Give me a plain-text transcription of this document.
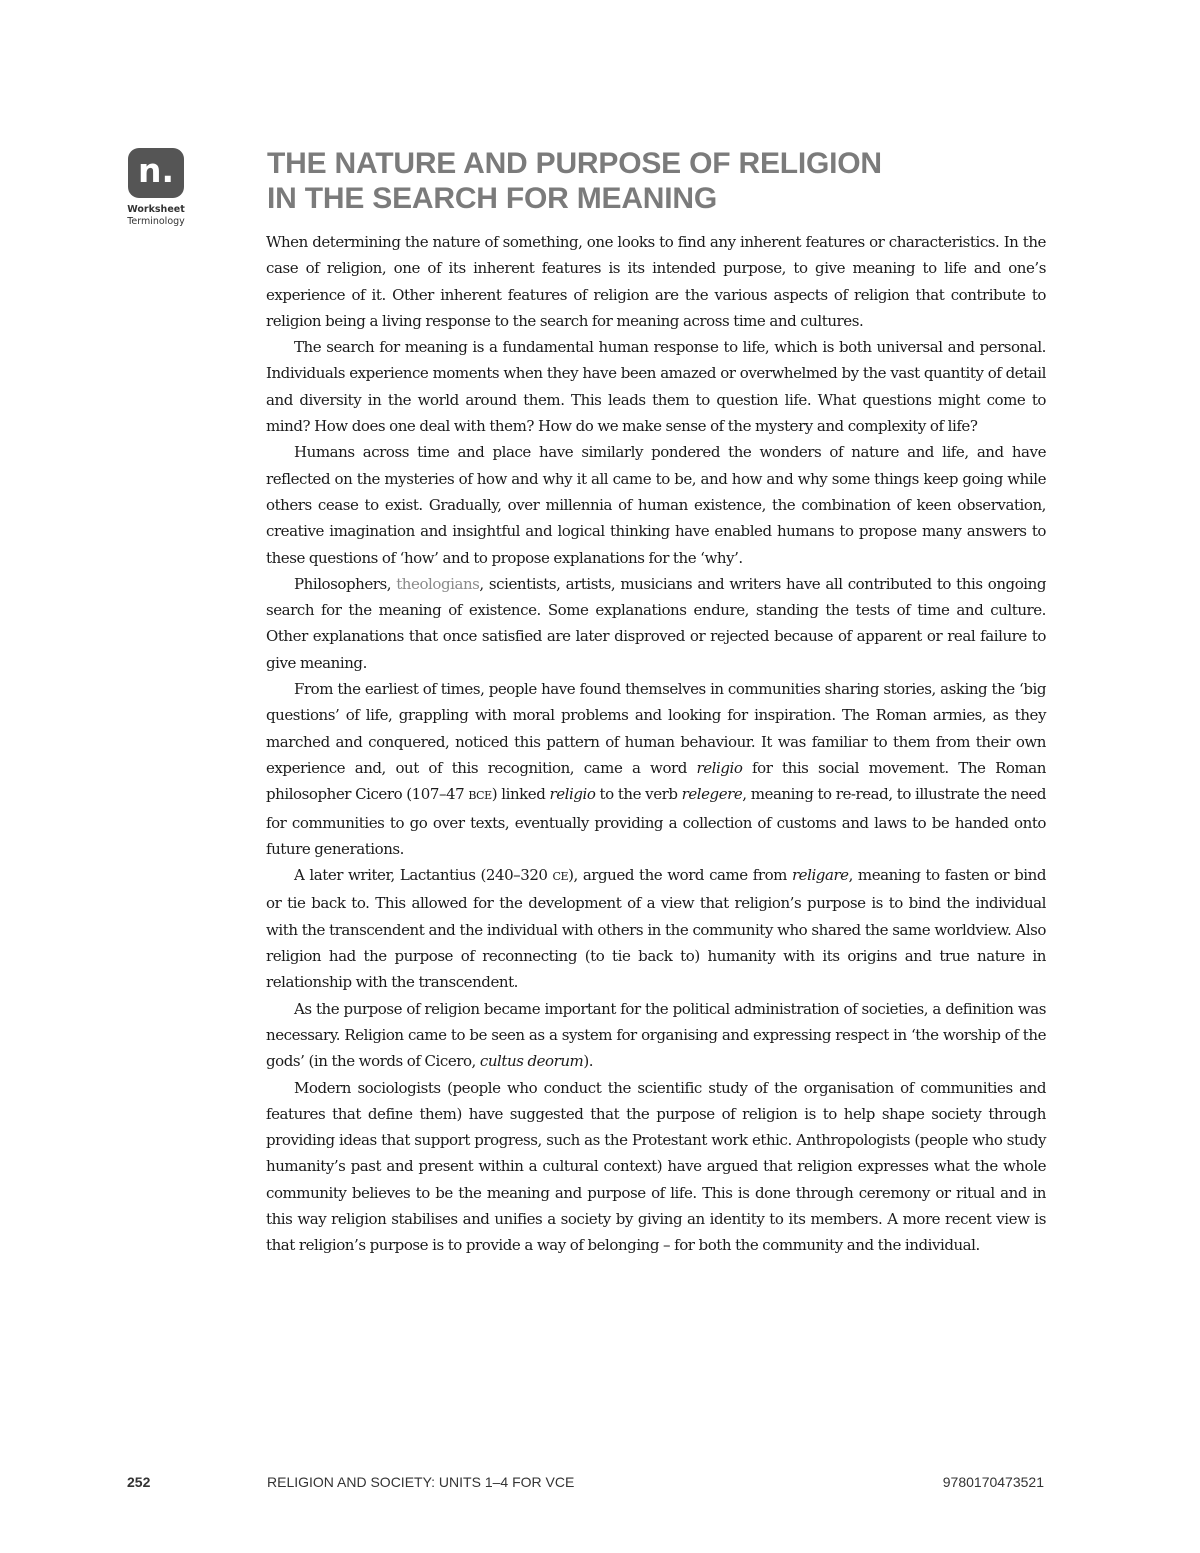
n.
Worksheet
Terminology
THE NATURE AND PURPOSE OF RELIGION
IN THE SEARCH FOR MEANING

When determining the nature of something, one looks to find any inherent features or characteristics. In the case of religion, one of its inherent features is its intended purpose, to give meaning to life and one’s experience of it. Other inherent features of religion are the various aspects of religion that contribute to religion being a living response to the search for meaning across time and cultures.

The search for meaning is a fundamental human response to life, which is both universal and personal. Individuals experience moments when they have been amazed or overwhelmed by the vast quantity of detail and diversity in the world around them. This leads them to question life. What questions might come to mind? How does one deal with them? How do we make sense of the mystery and complexity of life?

Humans across time and place have similarly pondered the wonders of nature and life, and have reflected on the mysteries of how and why it all came to be, and how and why some things keep going while others cease to exist. Gradually, over millennia of human existence, the combination of keen observation, creative imagination and insightful and logical thinking have enabled humans to propose many answers to these questions of ‘how’ and to propose explanations for the ‘why’.

Philosophers, theologians, scientists, artists, musicians and writers have all contributed to this ongoing search for the meaning of existence. Some explanations endure, standing the tests of time and culture. Other explanations that once satisfied are later disproved or rejected because of apparent or real failure to give meaning.

From the earliest of times, people have found themselves in communities sharing stories, asking the ‘big questions’ of life, grappling with moral problems and looking for inspiration. The Roman armies, as they marched and conquered, noticed this pattern of human behaviour. It was familiar to them from their own experience and, out of this recognition, came a word religio for this social movement. The Roman philosopher Cicero (107–47 BCE) linked religio to the verb relegere, meaning to re-read, to illustrate the need for communities to go over texts, eventually providing a collection of customs and laws to be handed onto future generations.

A later writer, Lactantius (240–320 CE), argued the word came from religare, meaning to fasten or bind or tie back to. This allowed for the development of a view that religion’s purpose is to bind the individual with the transcendent and the individual with others in the community who shared the same worldview. Also religion had the purpose of reconnecting (to tie back to) humanity with its origins and true nature in relationship with the transcendent.

As the purpose of religion became important for the political administration of societies, a definition was necessary. Religion came to be seen as a system for organising and expressing respect in ‘the worship of the gods’ (in the words of Cicero, cultus deorum).

Modern sociologists (people who conduct the scientific study of the organisation of communities and features that define them) have suggested that the purpose of religion is to help shape society through providing ideas that support progress, such as the Protestant work ethic. Anthropologists (people who study humanity’s past and present within a cultural context) have argued that religion expresses what the whole community believes to be the meaning and purpose of life. This is done through ceremony or ritual and in this way religion stabilises and unifies a society by giving an identity to its members. A more recent view is that religion’s purpose is to provide a way of belonging – for both the community and the individual.

252	RELIGION AND SOCIETY: UNITS 1–4 FOR VCE	9780170473521
